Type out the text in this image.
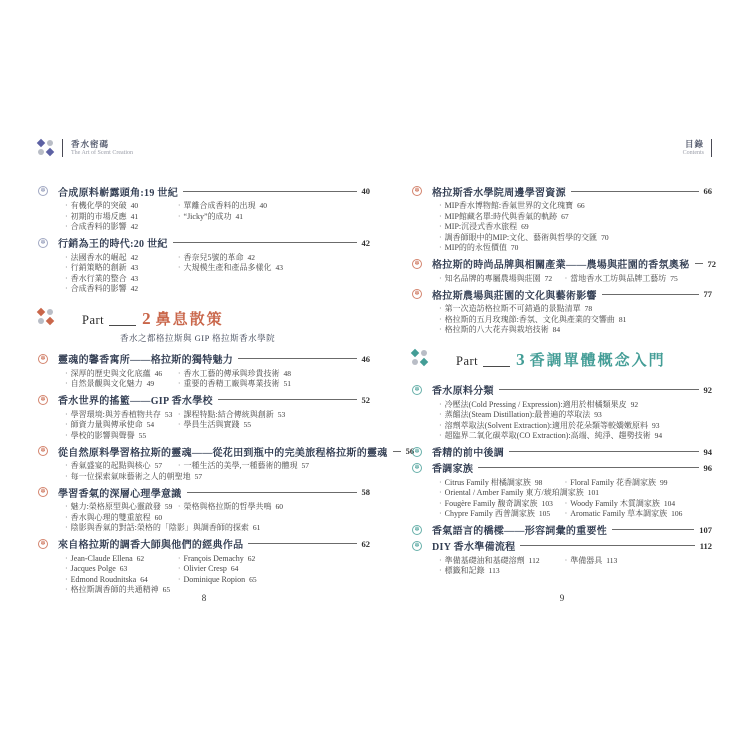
香水密碼
The Art of Scent Creation
✽ 合成原料嶄露頭角:19 世紀	40
· 有機化學的突破 40	· 單離合成香料的出現 40
· 初期的市場反應 41	· “Jicky”的成功 41
· 合成香料的影響 42
✽ 行銷為王的時代:20 世紀	42
· 法國香水的崛起 42	· 香奈兒5號的革命 42
· 行銷策略的創新 43	· 大規模生產和產品多樣化 43
· 香水行業的整合 43
· 合成香料的影響 42
Part 2 鼻息散策
香水之都格拉斯與 GIP 格拉斯香水學院
✽ 靈魂的馨香寓所——格拉斯的獨特魅力	46
· 深厚的歷史與文化底蘊 46 · 香水工藝的傳承與珍貴技術 48
· 自然景觀與文化魅力 49	· 重要的香精工廠與專業技術 51
✽ 香水世界的搖籃——GIP 香水學校	52
· 學習環境:與芳香植物共存 53 · 課程特點:結合傳統與創新 53
· 師資力量與傳承使命 54	· 學員生活與實踐 55
· 學校的影響與聲譽 55
✽ 從自然原料學習格拉斯的靈魂——從花田到瓶中的完美旅程格拉斯的靈魂 56
· 香氣盛宴的起點與核心 57 · 一種生活的美學,一種藝術的體現 57
· 每一位探索氣味藝術之人的朝聖地 57
✽ 學習香氣的深層心理學意識	58
· 魅力:榮格原型與心靈啟發 59 · 榮格與格拉斯的哲學共鳴 60
· 香水與心理的雙重旅程 60
· 陰影與香氣的對話:榮格的「陰影」與調香師的探索 61
✽ 來自格拉斯的調香大師與他們的經典作品	62
· Jean-Claude Ellena 62	· François Demachy 62
· Jacques Polge 63	· Olivier Cresp 64
· Edmond Roudnitska 64	· Dominique Ropion 65
· 格拉斯調香師的共通精神 65
8
目錄
Contents
✽ 格拉斯香水學院周邊學習資源	66
· MIP香水博物館:香氣世界的文化瑰寶 66
· MIP館藏名單:時代與香氣的軌跡 67
· MIP:沉浸式香水旅程 69
· 調香師眼中的MIP:文化、藝術與哲學的交匯 70
· MIP的的永恆價值 70
✽ 格拉斯的時尚品牌與相關產業——農場與莊園的香氛奧秘 72
· 知名品牌的專屬農場與莊園 72 · 當地香水工坊與品牌工藝坊 75
✽ 格拉斯農場與莊園的文化與藝術影響	77
· 第一次造訪格拉斯不可錯過的景點清單 78
· 格拉斯的五月玫瑰節:香氛、文化與產業的交響曲 81
· 格拉斯的八大花卉與栽培技術 84
Part 3 香調單體概念入門
✽ 香水原料分類	92
· 冷壓法(Cold Pressing / Expression):適用於柑橘類果皮 92
· 蒸餾法(Steam Distillation):最普遍的萃取法 93
· 溶劑萃取法(Solvent Extraction):適用於花朵類等較嬌嫩原料 93
· 超臨界二氧化碳萃取(CO Extraction):高端、純淨、趨勢技術 94
✽ 香精的前中後調	94
✽ 香調家族	96
· Citrus Family 柑橘調家族 98	· Floral Family 花香調家族 99
· Oriental / Amber Family 東方/琥珀調家族 101
· Fougère Family 馥奇調家族 103 · Woody Family 木質調家族 104
· Chypre Family 西普調家族 105 · Aromatic Family 草本調家族 106
✽ 香氣語言的橋樑——形容詞彙的重要性	107
✽ DIY 香水準備流程	112
· 準備基礎油和基礎溶劑 112	· 準備器具 113
· 標籤和記錄 113
9
